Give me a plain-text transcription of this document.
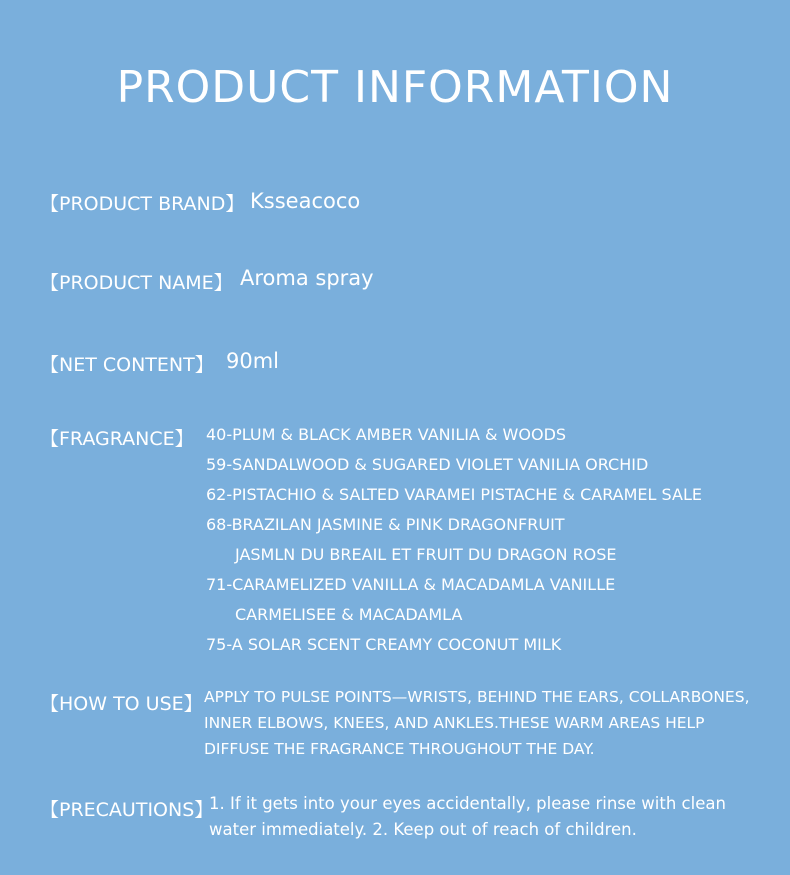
PRODUCT INFORMATION
【PRODUCT BRAND】 Ksseacoco
【PRODUCT NAME】 Aroma spray
【NET CONTENT】 90ml
【FRAGRANCE】 40-PLUM & BLACK AMBER VANILIA & WOODS
59-SANDALWOOD & SUGARED VIOLET VANILIA ORCHID
62-PISTACHIO & SALTED VARAMEI PISTACHE & CARAMEL SALE
68-BRAZILAN JASMINE & PINK DRAGONFRUIT
JASMLN DU BREAIL ET FRUIT DU DRAGON ROSE
71-CARAMELIZED VANILLA & MACADAMLA VANILLE
CARMELISEE & MACADAMLA
75-A SOLAR SCENT CREAMY COCONUT MILK
【HOW TO USE】 APPLY TO PULSE POINTS—WRISTS, BEHIND THE EARS, COLLARBONES,
INNER ELBOWS, KNEES, AND ANKLES.THESE WARM AREAS HELP
DIFFUSE THE FRAGRANCE THROUGHOUT THE DAY.
【PRECAUTIONS】
1. If it gets into your eyes accidentally, please rinse with clean
water immediately. 2. Keep out of reach of children.
